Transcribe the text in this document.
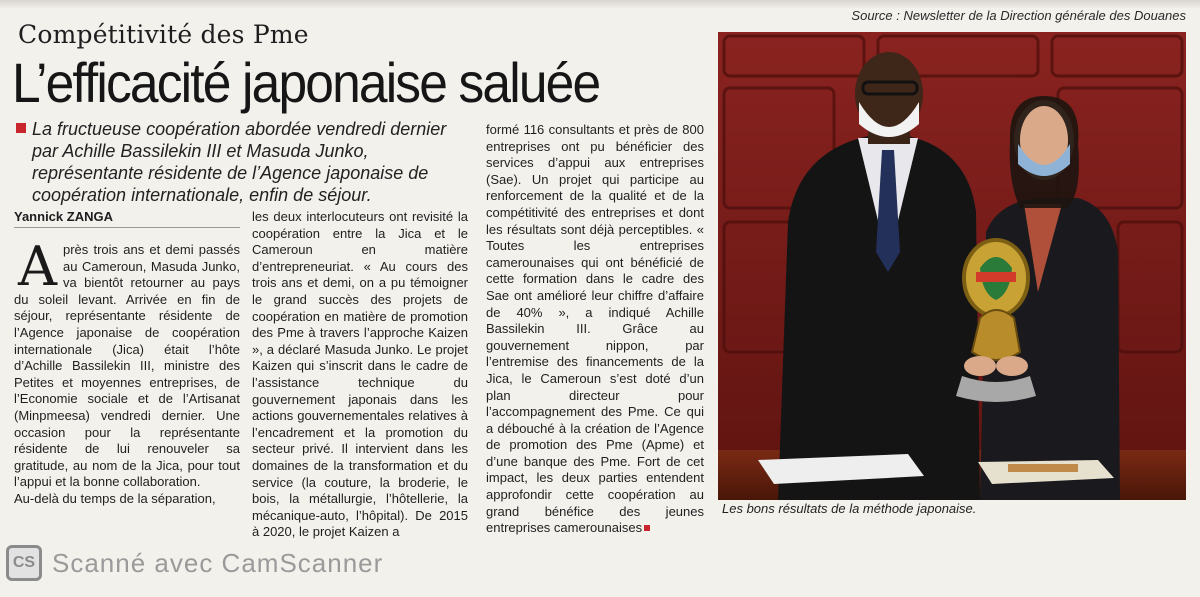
Source : Newsletter de la Direction générale des Douanes
Compétitivité des Pme
L’efficacité japonaise saluée
La fructueuse coopération abordée vendredi dernier
par Achille Bassilekin III et Masuda Junko, représentante résidente de l’Agence japonaise de coopération internationale, enfin de séjour.
Yannick ZANGA
A près trois ans et demi passés au Cameroun, Masuda Junko, va bientôt retourner au pays du soleil levant. Arrivée en fin de séjour, représentante résidente de l’Agence japonaise de coopération internationale (Jica) était l’hôte d’Achille Bassilekin III, ministre des Petites et moyennes entreprises, de l’Economie sociale et de l’Artisanat (Minpmeesa) vendredi dernier. Une occasion pour la représentante résidente de lui renouveler sa gratitude, au nom de la Jica, pour tout l’appui et la bonne collaboration.

Au-delà du temps de la séparation,

les deux interlocuteurs ont revisité la coopération entre la Jica et le Cameroun en matière d’entrepreneuriat. « Au cours des trois ans et demi, on a pu témoigner le grand succès des projets de coopération en matière de promotion des Pme à travers l’approche Kaizen », a déclaré Masuda Junko. Le projet Kaizen qui s’inscrit dans le cadre de l’assistance technique du gouvernement japonais dans les actions gouvernementales relatives à l’encadrement et la promotion du secteur privé. Il intervient dans les domaines de la transformation et du service (la couture, la broderie, le bois, la métallurgie, l’hôtellerie, la mécanique-auto, l’hôpital). De 2015 à 2020, le projet Kaizen a

formé 116 consultants et près de 800 entreprises ont pu bénéficier des services d’appui aux entreprises (Sae). Un projet qui participe au renforcement de la qualité et de la compétitivité des entreprises et dont les résultats sont déjà perceptibles. « Toutes les entreprises camerounaises qui ont bénéficié de cette formation dans le cadre des Sae ont amélioré leur chiffre d’affaire de 40% », a indiqué Achille Bassilekin III. Grâce au gouvernement nippon, par l’entremise des financements de la Jica, le Cameroun s’est doté d’un plan directeur pour l’accompagnement des Pme. Ce qui a débouché à la création de l’Agence de promotion des Pme (Apme) et d’une banque des Pme. Fort de cet impact, les deux parties entendent approfondir cette coopération au grand bénéfice des jeunes entreprises camerounaises

Les bons résultats de la méthode japonaise.
CS Scanné avec CamScanner
